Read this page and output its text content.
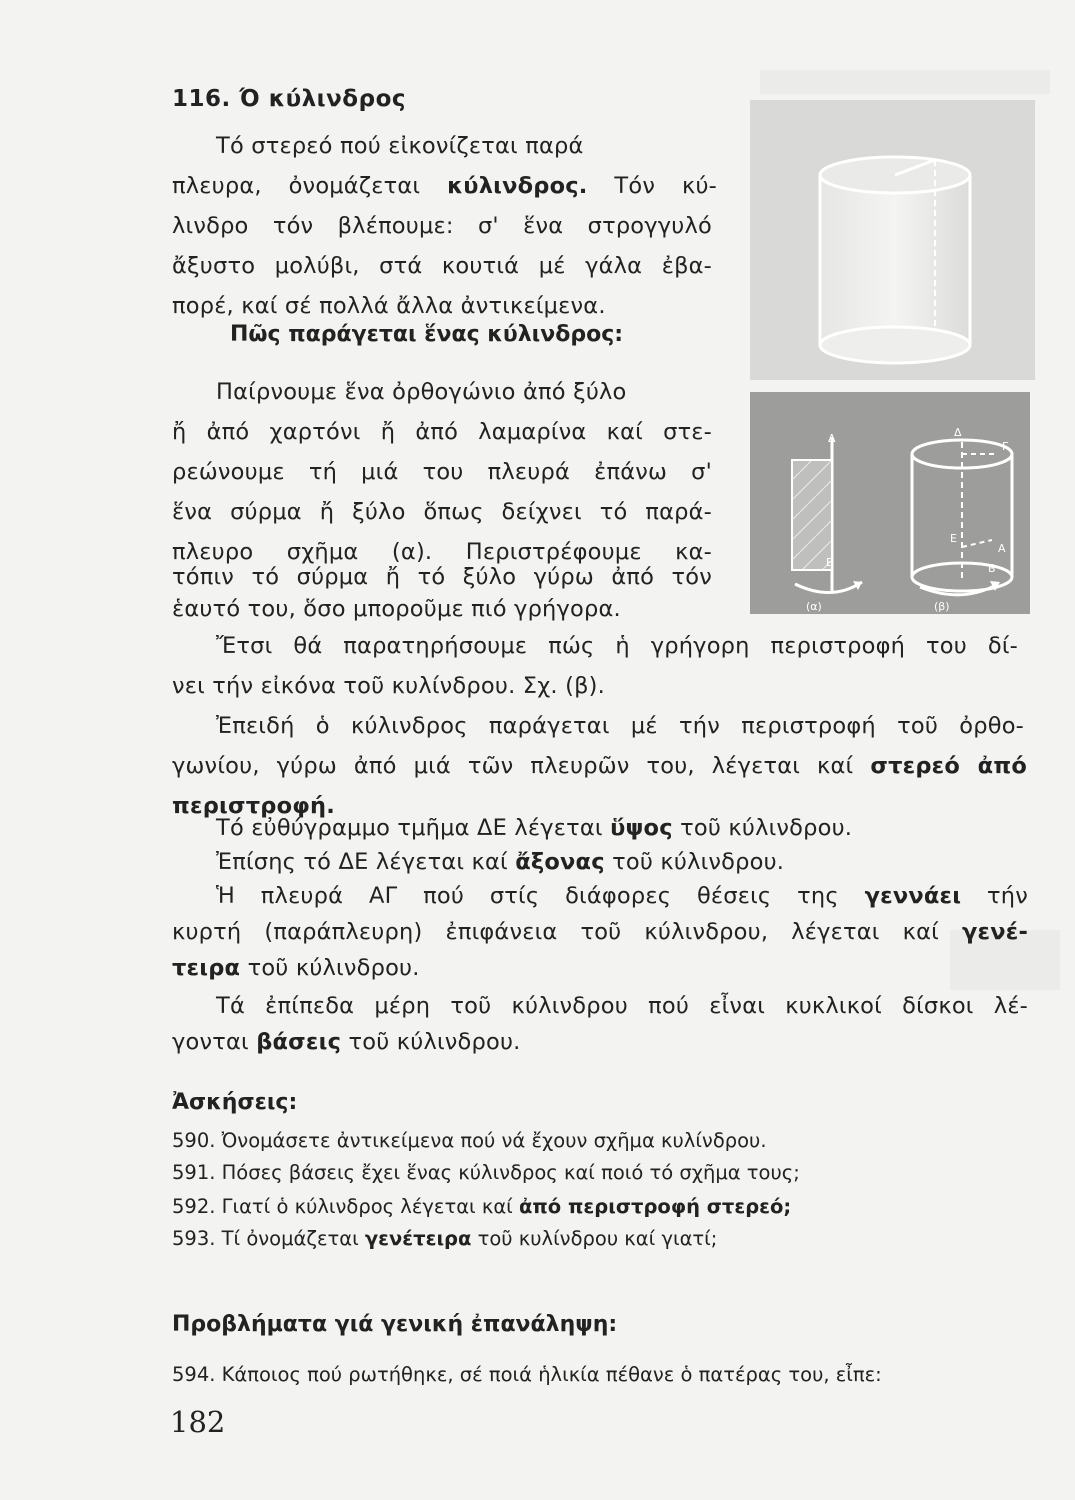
116. Ό κύλινδρος
Τό στερεό πού εἰκονίζεται παρά
πλευρα, ὀνομάζεται κύλινδρος. Τόν κύ-
λινδρο τόν βλέπουμε: σ' ἕνα στρογγυλό
ἄξυστο μολύβι, στά κουτιά μέ γάλα ἐβα-
πορέ, καί σέ πολλά ἄλλα ἀντικείμενα.
Πῶς παράγεται ἕνας κύλινδρος:
Παίρνουμε ἕνα ὀρθογώνιο ἀπό ξύλο
ἤ ἀπό χαρτόνι ἤ ἀπό λαμαρίνα καί στε-
ρεώνουμε τή μιά του πλευρά ἐπάνω σ'
ἕνα σύρμα ἤ ξύλο ὅπως δείχνει τό παρά-
πλευρο σχῆμα (α). Περιστρέφουμε κα-
τόπιν τό σύρμα ἤ τό ξύλο γύρω ἀπό τόν
ἑαυτό του, ὅσο μποροῦμε πιό γρήγορα.
Δ
Ε
(α)
Δ
Γ
Ε
Α
Β
(β)
Ἔτσι θά παρατηρήσουμε πώς ἡ γρήγορη περιστροφή του δί-
νει τήν εἰκόνα τοῦ κυλίνδρου. Σχ. (β).
Ἐπειδή ὁ κύλινδρος παράγεται μέ τήν περιστροφή τοῦ ὀρθο-
γωνίου, γύρω ἀπό μιά τῶν πλευρῶν του, λέγεται καί στερεό ἀπό
περιστροφή.
Τό εὐθύγραμμο τμῆμα ΔΕ λέγεται ὕψος τοῦ κύλινδρου.
Ἐπίσης τό ΔΕ λέγεται καί ἄξονας τοῦ κύλινδρου.
Ἡ πλευρά ΑΓ πού στίς διάφορες θέσεις της γεννάει τήν
κυρτή (παράπλευρη) ἐπιφάνεια τοῦ κύλινδρου, λέγεται καί γενέ-
τειρα τοῦ κύλινδρου.
Τά ἐπίπεδα μέρη τοῦ κύλινδρου πού εἶναι κυκλικοί δίσκοι λέ-
γονται βάσεις τοῦ κύλινδρου.
Ἀσκήσεις:
590. Ὀνομάσετε ἀντικείμενα πού νά ἔχουν σχῆμα κυλίνδρου.
591. Πόσες βάσεις ἔχει ἕνας κύλινδρος καί ποιό τό σχῆμα τους;
592. Γιατί ὁ κύλινδρος λέγεται καί ἀπό περιστροφή στερεό;
593. Τί ὀνομάζεται γενέτειρα τοῦ κυλίνδρου καί γιατί;
Προβλήματα γιά γενική ἐπανάληψη:
594. Κάποιος πού ρωτήθηκε, σέ ποιά ἡλικία πέθανε ὁ πατέρας του, εἶπε:
182
